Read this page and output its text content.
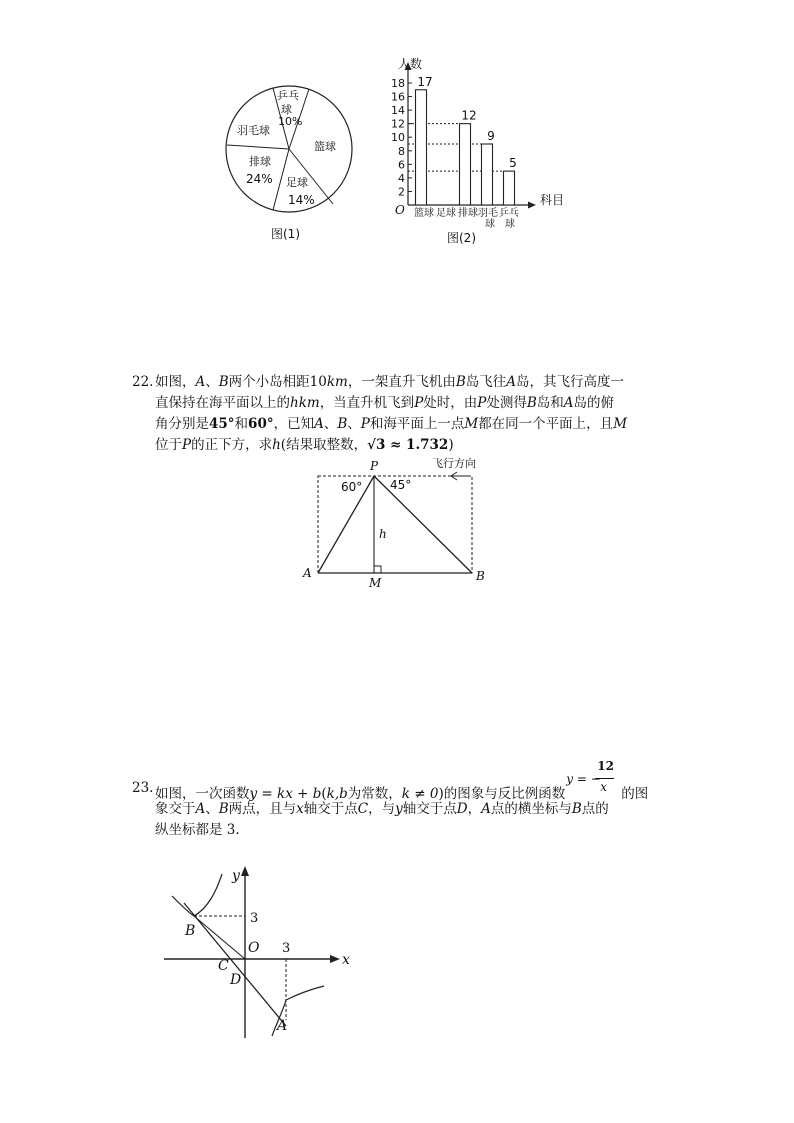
乒乓
球
10%
羽毛球
篮球
排球
24% 足球
14%
图(1)
人数
科目
O
2
4
6
8
10
12
14
16
18 17
12
9
5
篮球 足球 排球 羽毛
球
乒乓
球
图(2)
22. 如图，A、B两个小岛相距10km，一架直升飞机由B岛飞往A岛，其飞行高度一
直保持在海平面以上的hkm，当直升机飞到P处时，由P处测得B岛和A岛的俯
角分别是45°和60°，已知A、B、P和海平面上一点M都在同一个平面上，且M
位于P的正下方，求h(结果取整数，√3 ≈ 1.732)
P
60° 45°
飞行方向
h
A
M	B
23. 如图，一次函数y = kx + b(k,b为常数，k ≠ 0)的图象与反比例函数
y = −
12
x 的图
象交于A、B两点，且与x轴交于点C，与y轴交于点D，A点的横坐标与B点的
纵坐标都是 3.
y
x
3
3
O
B
C
D
A
